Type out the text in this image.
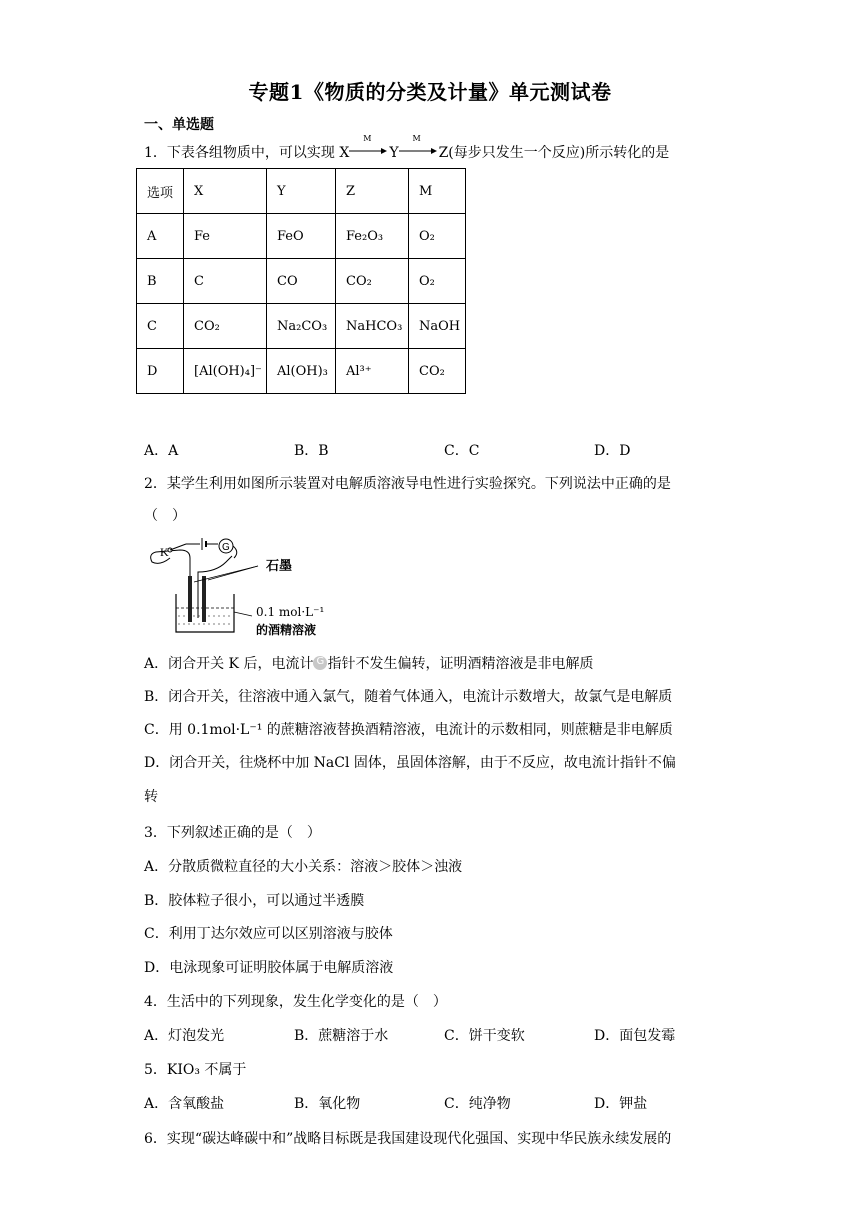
专题1《物质的分类及计量》单元测试卷
一、单选题
1．下表各组物质中，可以实现 X
M
Y
M
Z(每步只发生一个反应)所示转化的是
选项	X	Y	Z	M
A	Fe	FeO	Fe₂O₃	O₂
B	C	CO	CO₂	O₂
C	CO₂	Na₂CO₃	NaHCO₃	NaOH
D	[Al(OH)₄]⁻	Al(OH)₃	Al³⁺	CO₂
A．A	B．B	C．C	D．D
2．某学生利用如图所示装置对电解质溶液导电性进行实验探究。下列说法中正确的是
（　）
K	G
石墨
0.1 mol·L⁻¹
的酒精溶液
A．闭合开关 K 后，电流计 G 指针不发生偏转，证明酒精溶液是非电解质
B．闭合开关，往溶液中通入氯气，随着气体通入，电流计示数增大，故氯气是电解质
C．用 0.1mol·L⁻¹ 的蔗糖溶液替换酒精溶液，电流计的示数相同，则蔗糖是非电解质
D．闭合开关，往烧杯中加 NaCl 固体，虽固体溶解，由于不反应，故电流计指针不偏
转
3．下列叙述正确的是（　）
A．分散质微粒直径的大小关系：溶液＞胶体＞浊液
B．胶体粒子很小，可以通过半透膜
C．利用丁达尔效应可以区别溶液与胶体
D．电泳现象可证明胶体属于电解质溶液
4．生活中的下列现象，发生化学变化的是（　）
A．灯泡发光	B．蔗糖溶于水	C．饼干变软	D．面包发霉
5．KIO₃ 不属于
A．含氧酸盐	B．氧化物	C．纯净物	D．钾盐
6．实现“碳达峰碳中和”战略目标既是我国建设现代化强国、实现中华民族永续发展的
